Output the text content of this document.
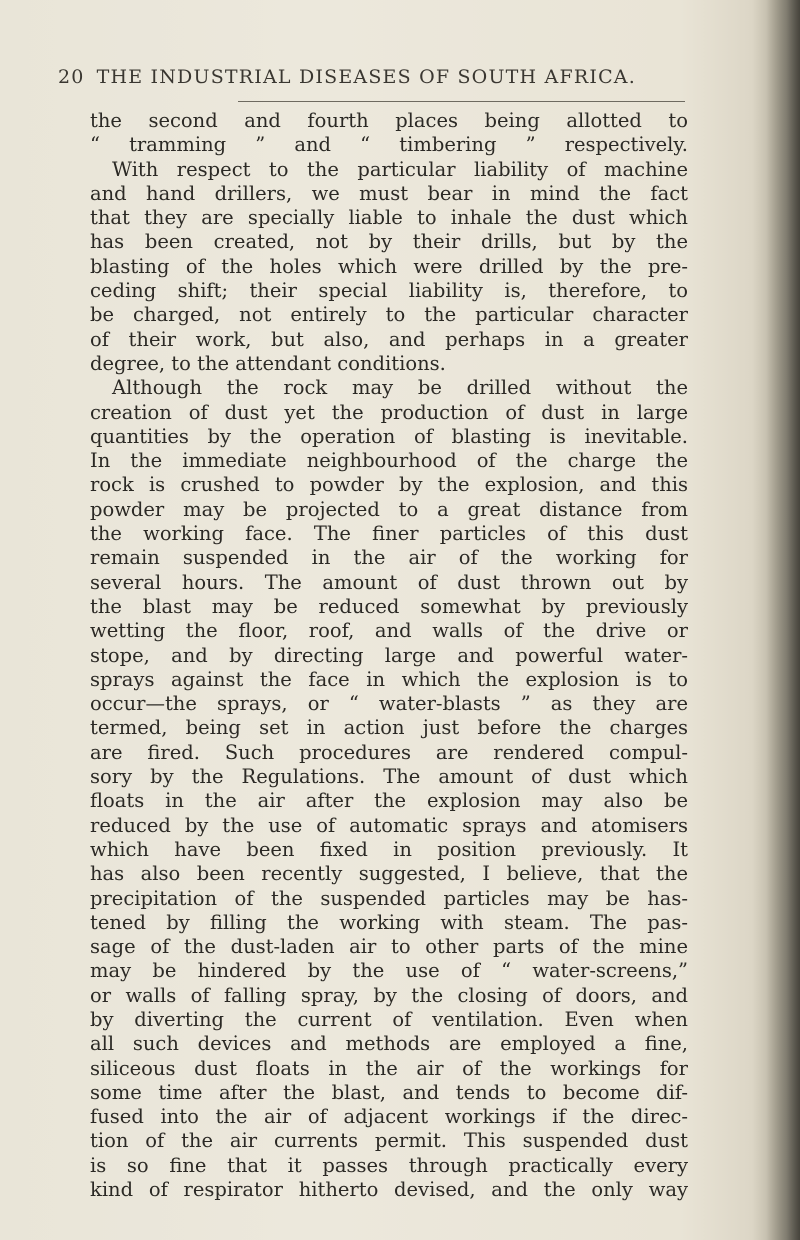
20 THE INDUSTRIAL DISEASES OF SOUTH AFRICA.
the second and fourth places being allotted to
“ tramming ” and “ timbering ” respectively.
With respect to the particular liability of machine
and hand drillers, we must bear in mind the fact
that they are specially liable to inhale the dust which
has been created, not by their drills, but by the
blasting of the holes which were drilled by the pre-
ceding shift; their special liability is, therefore, to
be charged, not entirely to the particular character
of their work, but also, and perhaps in a greater
degree, to the attendant conditions.
Although the rock may be drilled without the
creation of dust yet the production of dust in large
quantities by the operation of blasting is inevitable.
In the immediate neighbourhood of the charge the
rock is crushed to powder by the explosion, and this
powder may be projected to a great distance from
the working face. The finer particles of this dust
remain suspended in the air of the working for
several hours. The amount of dust thrown out by
the blast may be reduced somewhat by previously
wetting the floor, roof, and walls of the drive or
stope, and by directing large and powerful water-
sprays against the face in which the explosion is to
occur—the sprays, or “ water-blasts ” as they are
termed, being set in action just before the charges
are fired. Such procedures are rendered compul-
sory by the Regulations. The amount of dust which
floats in the air after the explosion may also be
reduced by the use of automatic sprays and atomisers
which have been fixed in position previously. It
has also been recently suggested, I believe, that the
precipitation of the suspended particles may be has-
tened by filling the working with steam. The pas-
sage of the dust-laden air to other parts of the mine
may be hindered by the use of “ water-screens,”
or walls of falling spray, by the closing of doors, and
by diverting the current of ventilation. Even when
all such devices and methods are employed a fine,
siliceous dust floats in the air of the workings for
some time after the blast, and tends to become dif-
fused into the air of adjacent workings if the direc-
tion of the air currents permit. This suspended dust
is so fine that it passes through practically every
kind of respirator hitherto devised, and the only way
